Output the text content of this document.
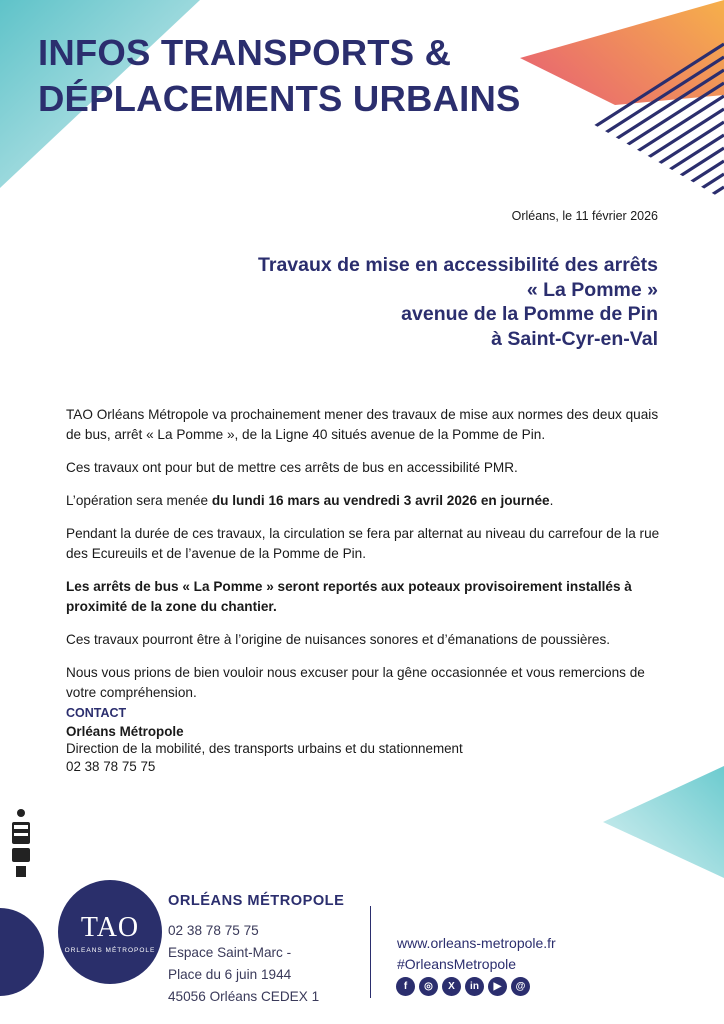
INFOS TRANSPORTS &
DÉPLACEMENTS URBAINS
Orléans, le 11 février 2026
Travaux de mise en accessibilité des arrêts
« La Pomme »
avenue de la Pomme de Pin
à Saint-Cyr-en-Val

TAO Orléans Métropole va prochainement mener des travaux de mise aux normes des deux quais de bus, arrêt « La Pomme », de la Ligne 40 situés avenue de la Pomme de Pin.

Ces travaux ont pour but de mettre ces arrêts de bus en accessibilité PMR.

L’opération sera menée du lundi 16 mars au vendredi 3 avril 2026 en journée.

Pendant la durée de ces travaux, la circulation se fera par alternat au niveau du carrefour de la rue des Ecureuils et de l’avenue de la Pomme de Pin.

Les arrêts de bus « La Pomme » seront reportés aux poteaux provisoirement installés à proximité de la zone du chantier.

Ces travaux pourront être à l’origine de nuisances sonores et d’émanations de poussières.

Nous vous prions de bien vouloir nous excuser pour la gêne occasionnée et vous remercions de votre compréhension.

CONTACT
Orléans Métropole
Direction de la mobilité, des transports urbains et du stationnement
02 38 78 75 75
TAO
ORLEANS MÉTROPOLE
ORLÉANS MÉTROPOLE
02 38 78 75 75
Espace Saint-Marc -
Place du 6 juin 1944
45056 Orléans CEDEX 1
www.orleans-metropole.fr
#OrleansMetropole
f	◎	X	in	▶	@
